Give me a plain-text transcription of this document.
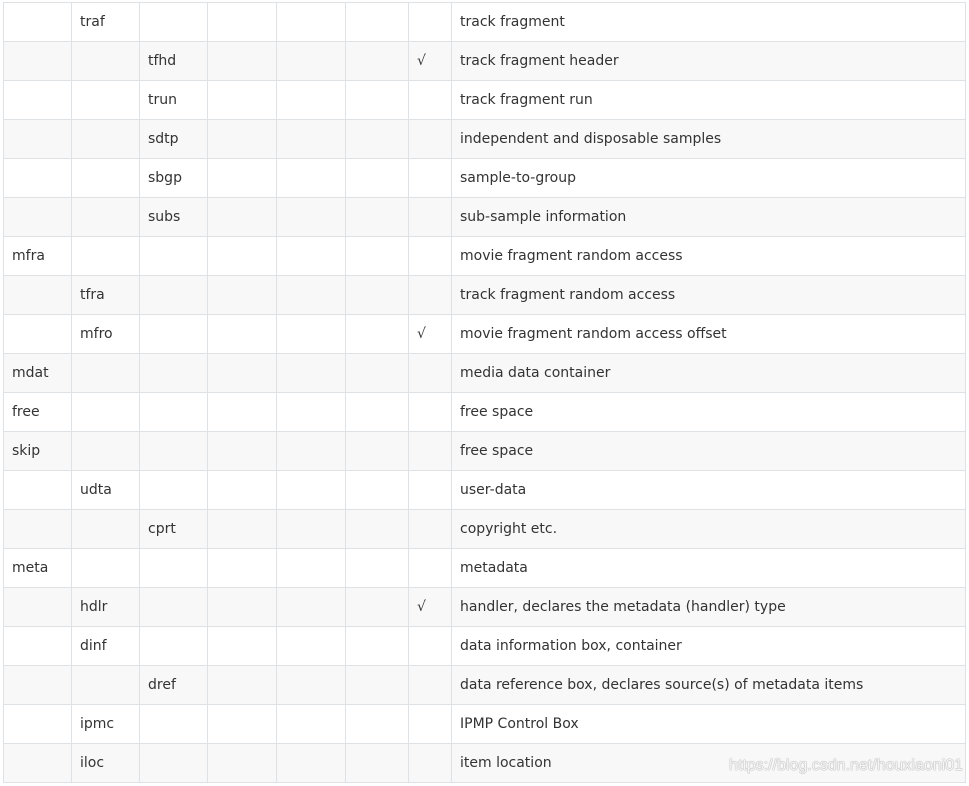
	traf						track fragment
		tfhd				√	track fragment header
		trun					track fragment run
		sdtp					independent and disposable samples
		sbgp					sample-to-group
		subs					sub-sample information
mfra							movie fragment random access
	tfra						track fragment random access
	mfro					√	movie fragment random access offset
mdat							media data container
free							free space
skip							free space
	udta						user-data
		cprt					copyright etc.
meta							metadata
	hdlr					√	handler, declares the metadata (handler) type
	dinf						data information box, container
		dref					data reference box, declares source(s) of metadata items
	ipmc						IPMP Control Box
	iloc						item location	https://blog.csdn.net/houxiaoni01
